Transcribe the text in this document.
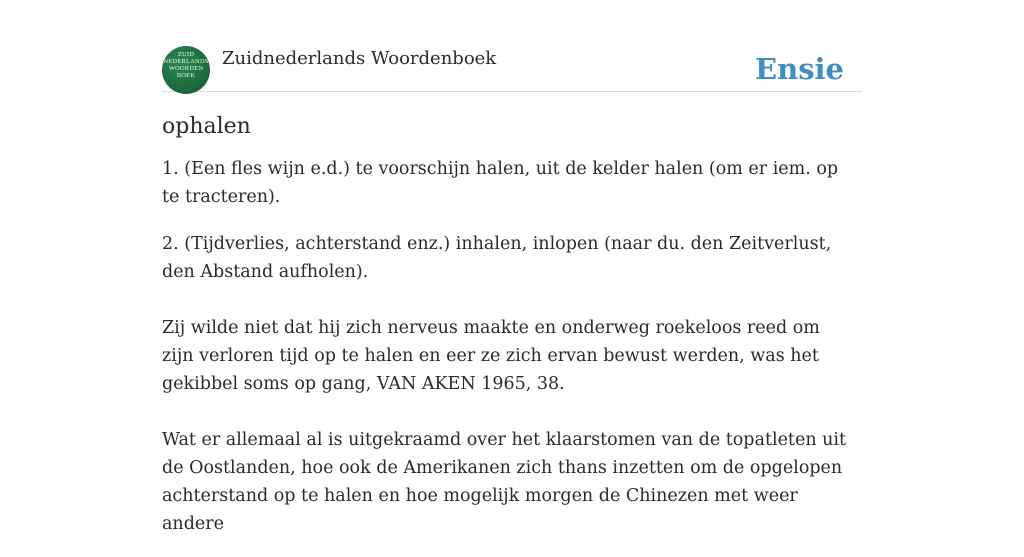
ZUID
NEDERLANDS
WOORDEN
BOEK
Zuidnederlands Woordenboek	Ensie
ophalen

1. (Een fles wijn e.d.) te voorschijn halen, uit de kelder halen (om er iem. op te tracteren).

2. (Tijdverlies, achterstand enz.) inhalen, inlopen (naar du. den Zeitverlust, den Abstand aufholen).

Zij wilde niet dat hij zich nerveus maakte en onderweg roekeloos reed om zijn verloren tijd op te halen en eer ze zich ervan bewust werden, was het gekibbel soms op gang, VAN AKEN 1965, 38.

Wat er allemaal al is uitgekraamd over het klaarstomen van de topatleten uit de Oostlanden, hoe ook de Amerikanen zich thans inzetten om de opgelopen achterstand op te halen en hoe mogelijk morgen de Chinezen met weer andere
